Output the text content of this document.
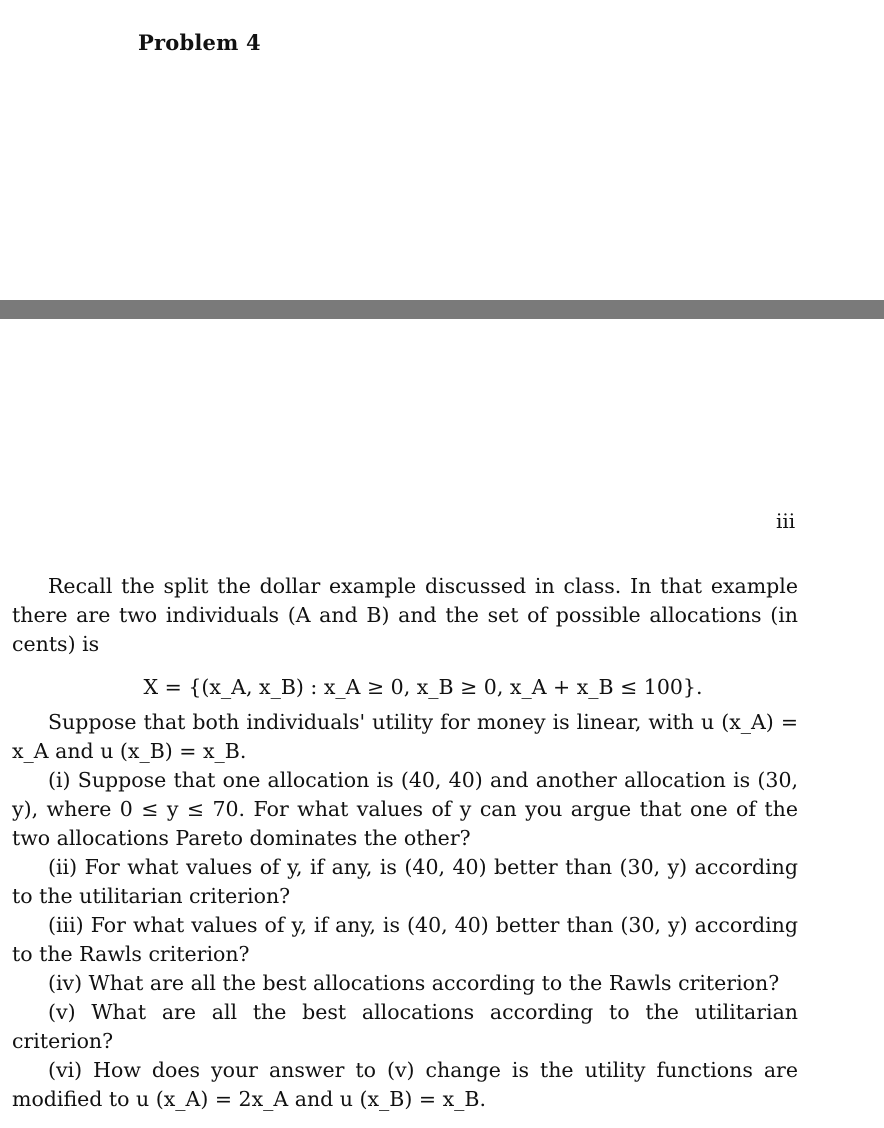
Problem 4
iii

Recall the split the dollar example discussed in class. In that example there are two individuals (A and B) and the set of possible allocations (in cents) is

X = {(x_A, x_B) : x_A ≥ 0, x_B ≥ 0, x_A + x_B ≤ 100}.

Suppose that both individuals' utility for money is linear, with u (x_A) = x_A and u (x_B) = x_B.

(i) Suppose that one allocation is (40, 40) and another allocation is (30, y), where 0 ≤ y ≤ 70. For what values of y can you argue that one of the two allocations Pareto dominates the other?

(ii) For what values of y, if any, is (40, 40) better than (30, y) according to the utilitarian criterion?

(iii) For what values of y, if any, is (40, 40) better than (30, y) according to the Rawls criterion?

(iv) What are all the best allocations according to the Rawls criterion?

(v) What are all the best allocations according to the utilitarian criterion?

(vi) How does your answer to (v) change is the utility functions are modified to u (x_A) = 2x_A and u (x_B) = x_B.
